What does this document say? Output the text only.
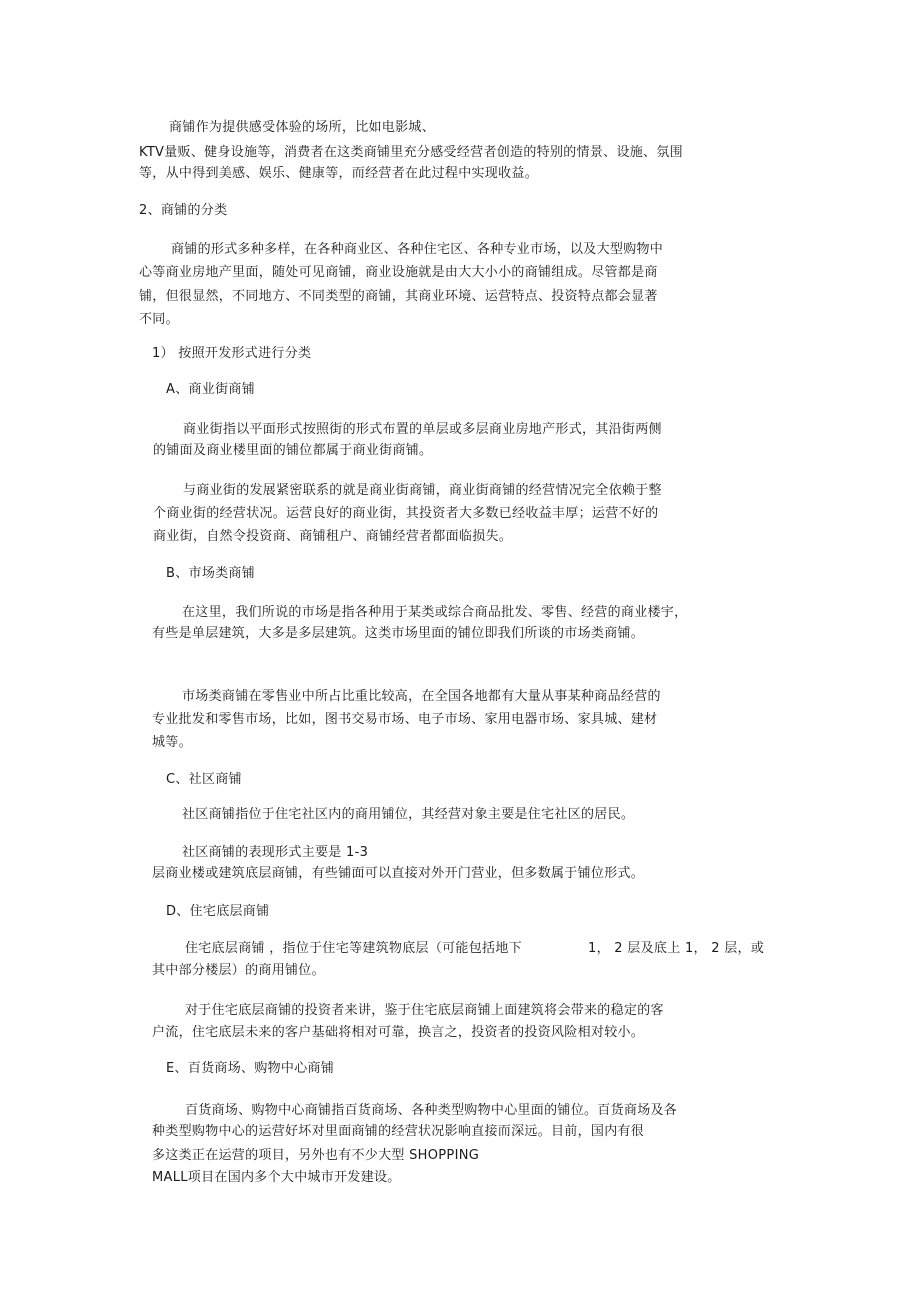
商铺作为提供感受体验的场所，比如电影城、
KTV量贩、健身设施等，消费者在这类商铺里充分感受经营者创造的特别的情景、设施、氛围
等，从中得到美感、娱乐、健康等，而经营者在此过程中实现收益。
2、商铺的分类
商铺的形式多种多样，在各种商业区、各种住宅区、各种专业市场，以及大型购物中
心等商业房地产里面，随处可见商铺，商业设施就是由大大小小的商铺组成。尽管都是商
铺，但很显然，不同地方、不同类型的商铺，其商业环境、运营特点、投资特点都会显著
不同。
1） 按照开发形式进行分类
A、商业街商铺
商业街指以平面形式按照街的形式布置的单层或多层商业房地产形式，其沿街两侧
的铺面及商业楼里面的铺位都属于商业街商铺。
与商业街的发展紧密联系的就是商业街商铺，商业街商铺的经营情况完全依赖于整
个商业街的经营状况。运营良好的商业街，其投资者大多数已经收益丰厚；运营不好的
商业街，自然令投资商、商铺租户、商铺经营者都面临损失。
B、市场类商铺
在这里，我们所说的市场是指各种用于某类或综合商品批发、零售、经营的商业楼宇，
有些是单层建筑，大多是多层建筑。这类市场里面的铺位即我们所谈的市场类商铺。
市场类商铺在零售业中所占比重比较高，在全国各地都有大量从事某种商品经营的
专业批发和零售市场，比如，图书交易市场、电子市场、家用电器市场、家具城、建材
城等。
C、社区商铺
社区商铺指位于住宅社区内的商用铺位，其经营对象主要是住宅社区的居民。
社区商铺的表现形式主要是 1-3
层商业楼或建筑底层商铺，有些铺面可以直接对外开门营业，但多数属于铺位形式。
D、住宅底层商铺
住宅底层商铺 ，指位于住宅等建筑物底层（可能包括地下	1， 2 层及底上 1， 2 层，或
其中部分楼层）的商用铺位。
对于住宅底层商铺的投资者来讲，鉴于住宅底层商铺上面建筑将会带来的稳定的客
户流，住宅底层未来的客户基础将相对可靠，换言之，投资者的投资风险相对较小。
E、百货商场、购物中心商铺
百货商场、购物中心商铺指百货商场、各种类型购物中心里面的铺位。百货商场及各
种类型购物中心的运营好坏对里面商铺的经营状况影响直接而深远。目前，国内有很
多这类正在运营的项目，另外也有不少大型 SHOPPING
MALL项目在国内多个大中城市开发建设。
